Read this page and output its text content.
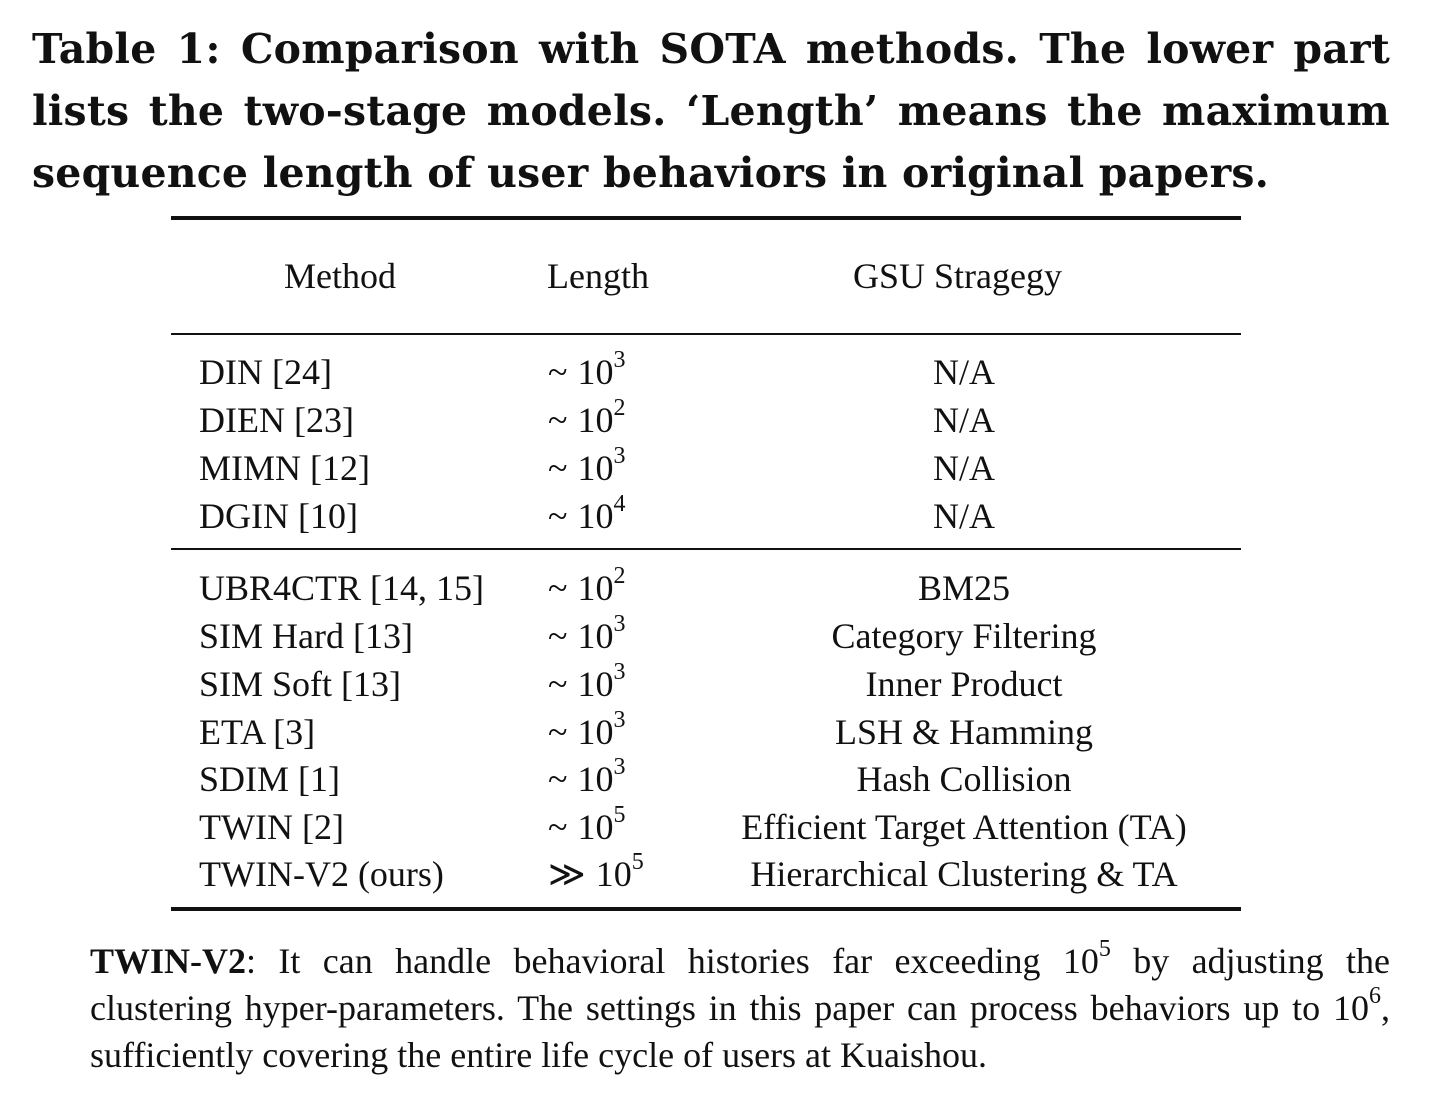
Table 1: Comparison with SOTA methods. The lower part lists the two-stage models. ‘Length’ means the maximum sequence length of user behaviors in original papers.
Method	Length	GSU Stragegy
DIN [24]	~ $10^3$	N/A
DIEN [23]	~ $10^2$	N/A
MIMN [12]	~ $10^3$	N/A
DGIN [10]	~ $10^4$	N/A
UBR4CTR [14, 15] ~ $10^2$	BM25
SIM Hard [13]	~ $10^3$	Category Filtering
SIM Soft [13]	~ $10^3$	Inner Product
ETA [3]	~ $10^3$	LSH & Hamming
SDIM [1]	~ $10^3$	Hash Collision
TWIN [2]	~ $10^5$	Efficient Target Attention (TA)
TWIN-V2 (ours)	≫ $10^5$	Hierarchical Clustering & TA
TWIN-V2: It can handle behavioral histories far exceeding $10^5$ by adjusting the clustering hyper-parameters. The settings in this paper can process behaviors up to $10^6$, sufficiently covering the entire life cycle of users at Kuaishou.
